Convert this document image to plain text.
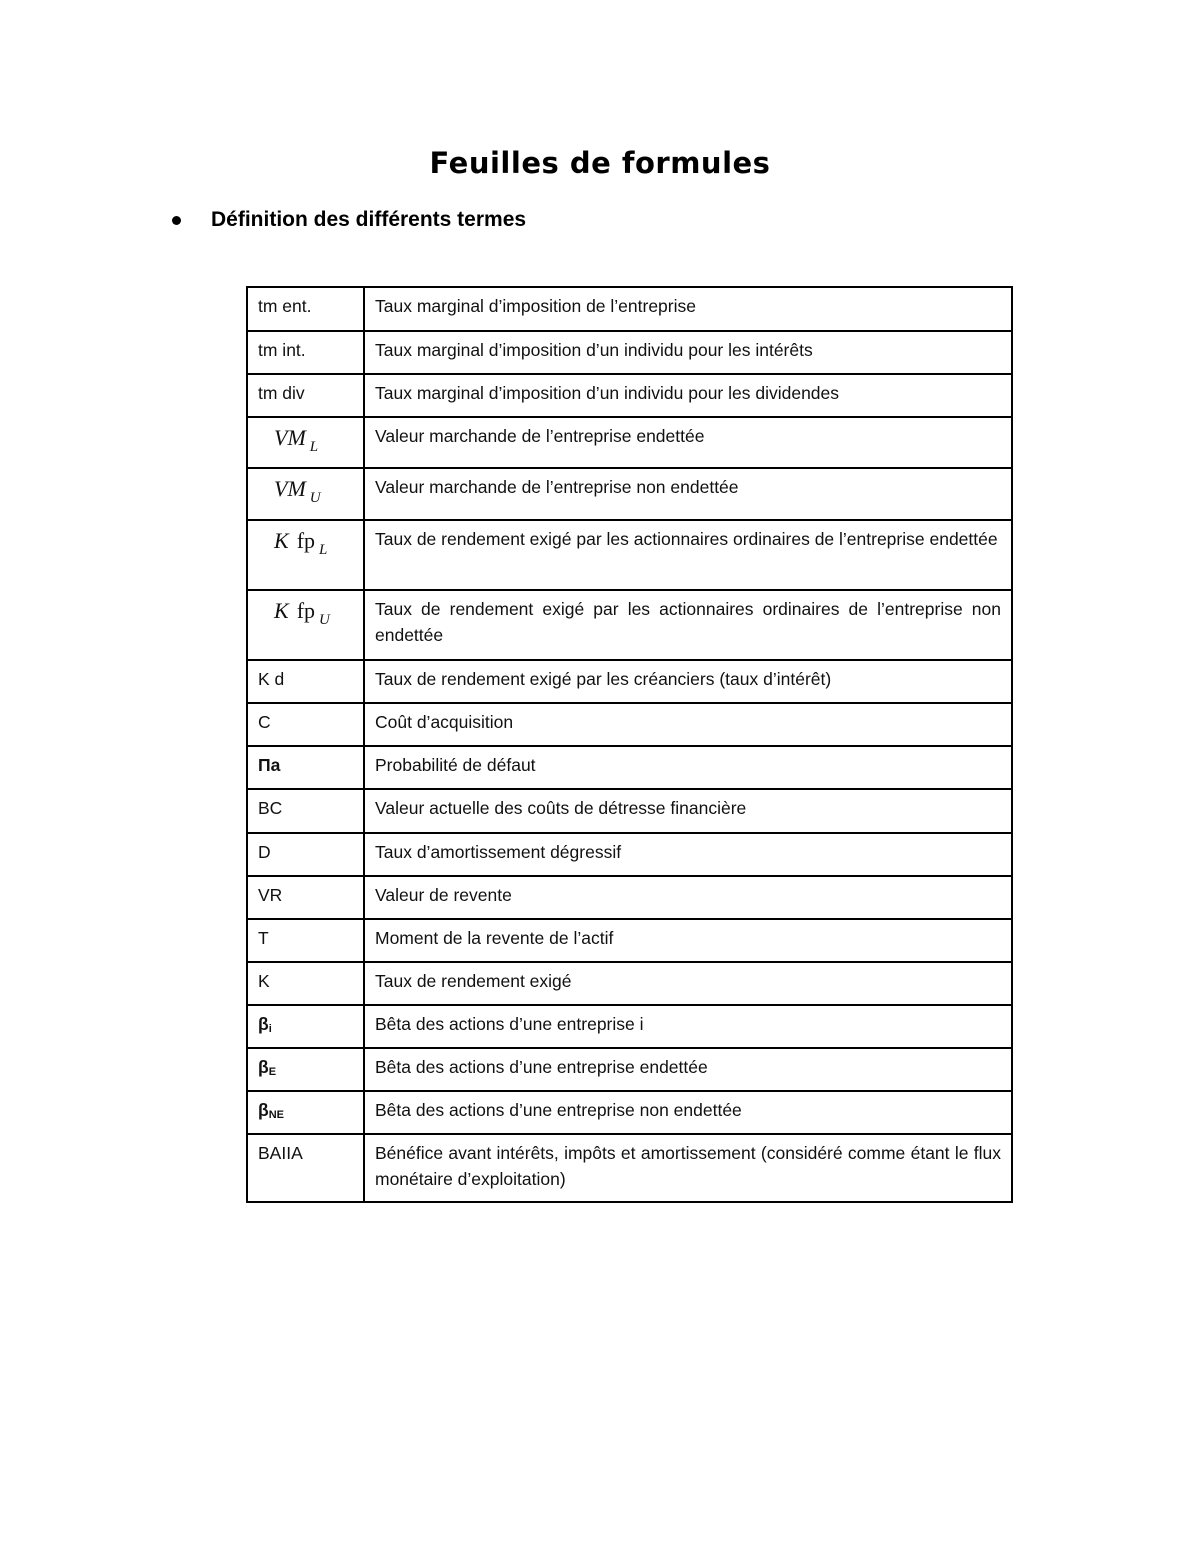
Feuilles de formules
Définition des différents termes
tm ent.	Taux marginal d’imposition de l’entreprise
tm int.	Taux marginal d’imposition d’un individu pour les intérêts
tm div	Taux marginal d’imposition d’un individu pour les dividendes
VM $_L$	Valeur marchande de l’entreprise endettée
VM $_U$	Valeur marchande de l’entreprise non endettée
K fp $_L$	Taux de rendement exigé par les actionnaires ordinaires de l’entreprise endettée
K fp $_U$	Taux de rendement exigé par les actionnaires ordinaires de l’entreprise non endettée
K d	Taux de rendement exigé par les créanciers (taux d’intérêt)
C	Coût d’acquisition
Πa	Probabilité de défaut
BC	Valeur actuelle des coûts de détresse financière
D	Taux d’amortissement dégressif
VR	Valeur de revente
T	Moment de la revente de l’actif
K	Taux de rendement exigé
βi	Bêta des actions d’une entreprise i
βE	Bêta des actions d’une entreprise endettée
βNE	Bêta des actions d’une entreprise non endettée
BAIIA	Bénéfice avant intérêts, impôts et amortissement (considéré comme étant le flux monétaire d’exploitation)
